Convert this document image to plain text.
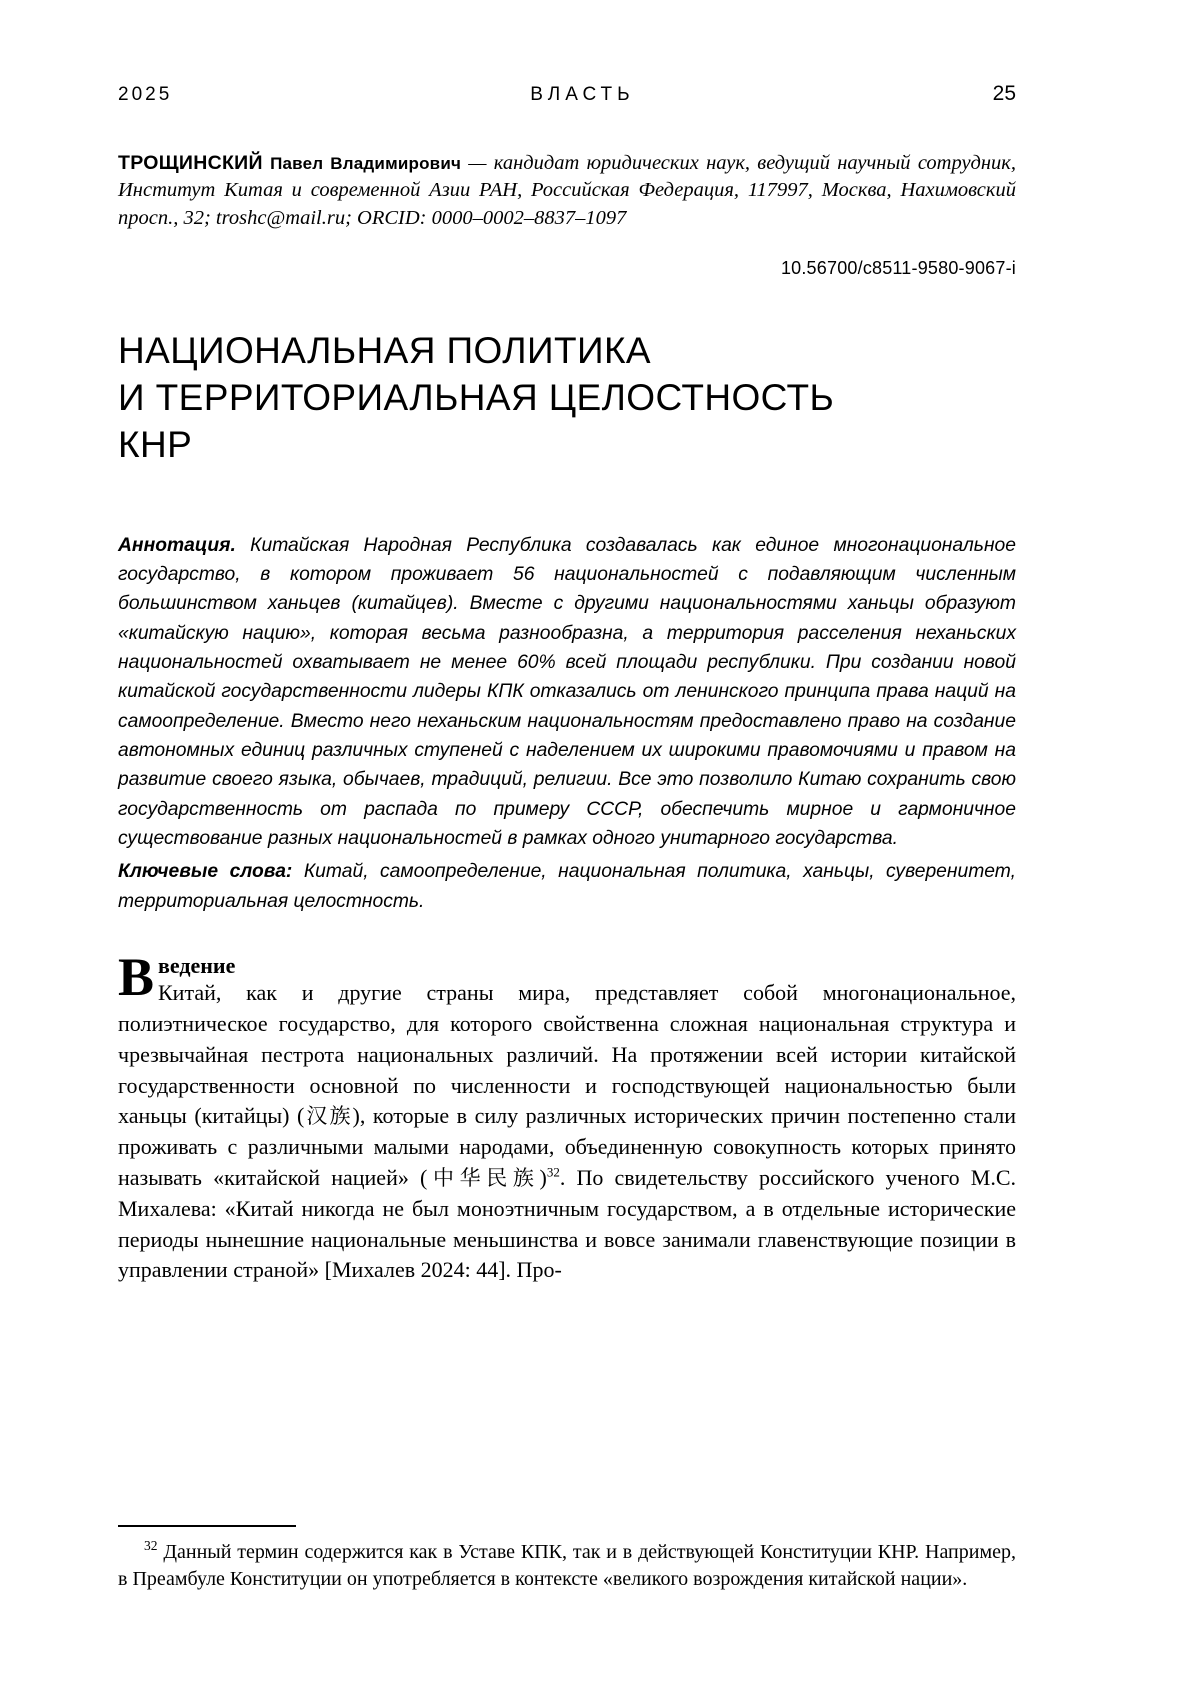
2025	ВЛАСТЬ	25
ТРОЩИНСКИЙ Павел Владимирович — кандидат юридических наук, ведущий научный сотрудник, Институт Китая и современной Азии РАН, Российская Федерация, 117997, Москва, Нахимовский просп., 32; troshc@mail.ru; ORCID: 0000–0002–8837–1097
10.56700/c8511-9580-9067-i
НАЦИОНАЛЬНАЯ ПОЛИТИКА
И ТЕРРИТОРИАЛЬНАЯ ЦЕЛОСТНОСТЬ
КНР
Аннотация. Китайская Народная Республика создавалась как единое многонациональное государство, в котором проживает 56 национальностей с подавляющим численным большинством ханьцев (китайцев). Вместе с другими национальностями ханьцы образуют «китайскую нацию», которая весьма разнообразна, а территория расселения неханьских национальностей охватывает не менее 60% всей площади республики. При создании новой китайской государственности лидеры КПК отказались от ленинского принципа права наций на самоопределение. Вместо него неханьским национальностям предоставлено право на создание автономных единиц различных ступеней с наделением их широкими правомочиями и правом на развитие своего языка, обычаев, традиций, религии. Все это позволило Китаю сохранить свою государственность от распада по примеру СССР, обеспечить мирное и гармоничное существование разных национальностей в рамках одного унитарного государства.
Ключевые слова: Китай, самоопределение, национальная политика, ханьцы, суверенитет, территориальная целостность.
ведение

В Китай, как и другие страны мира, представляет собой многонациональное, полиэтническое государство, для которого свойственна сложная национальная структура и чрезвычайная пестрота национальных различий. На протяжении всей истории китайской государственности основной по численности и господствующей национальностью были ханьцы (китайцы) (汉族), которые в силу различных исторических причин постепенно стали проживать с различными малыми народами, объединенную совокупность которых принято называть «китайской нацией» (中华民族)$^{32}$. По свидетельству российского ученого М.С. Михалева: «Китай никогда не был моноэтничным государством, а в отдельные исторические периоды нынешние национальные меньшинства и вовсе занимали главенствующие позиции в управлении страной» [Михалев 2024: 44]. Про-

$^{32}$ Данный термин содержится как в Уставе КПК, так и в действующей Конституции КНР. Например, в Преамбуле Конституции он употребляется в контексте «великого возрождения китайской нации».
